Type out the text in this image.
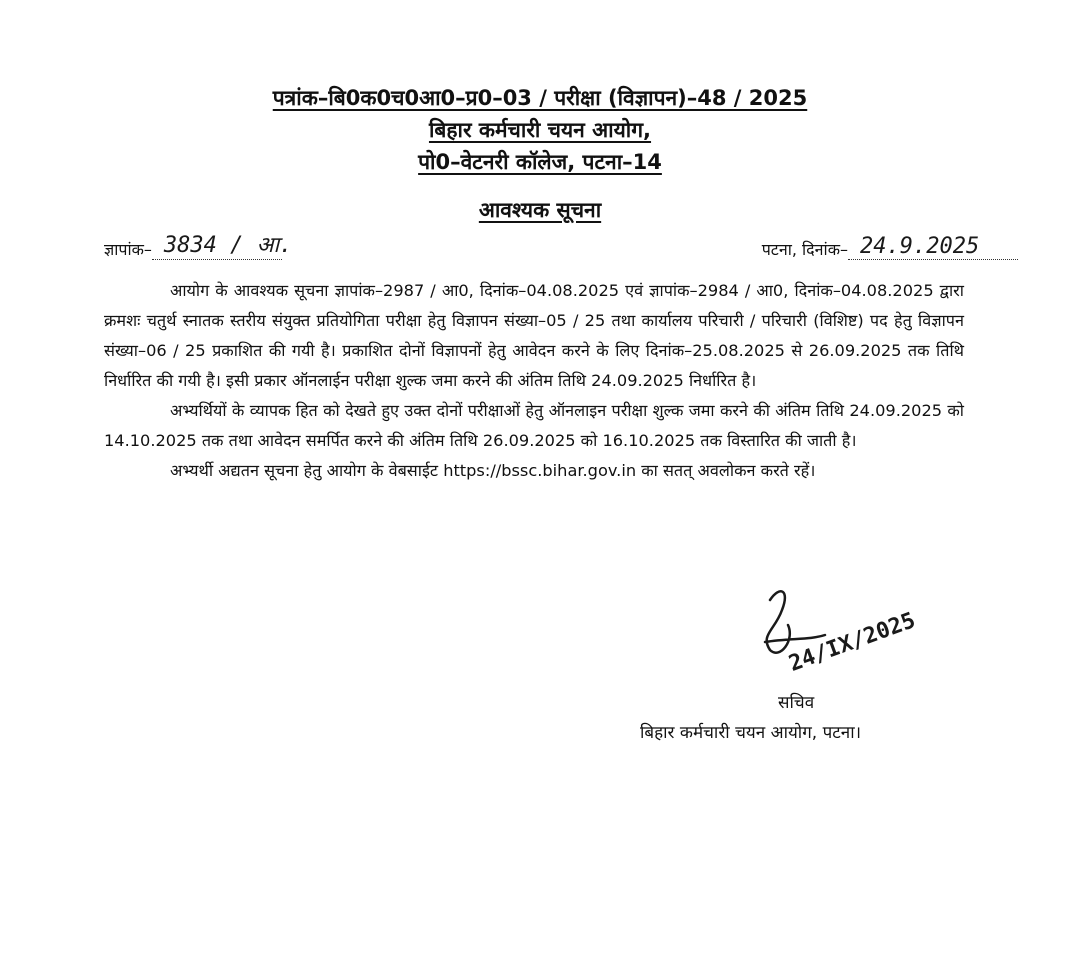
पत्रांक–बि0क0च0आ0–प्र0–03 / परीक्षा (विज्ञापन)–48 / 2025
बिहार कर्मचारी चयन आयोग,
पो0–वेटनरी कॉलेज, पटना–14
आवश्यक सूचना
ज्ञापांक– 3834 / आ.	पटना, दिनांक– 24.9.2025

आयोग के आवश्यक सूचना ज्ञापांक–2987 / आ0, दिनांक–04.08.2025 एवं ज्ञापांक–2984 / आ0, दिनांक–04.08.2025 द्वारा क्रमशः चतुर्थ स्नातक स्तरीय संयुक्त प्रतियोगिता परीक्षा हेतु विज्ञापन संख्या–05 / 25 तथा कार्यालय परिचारी / परिचारी (विशिष्ट) पद हेतु विज्ञापन संख्या–06 / 25 प्रकाशित की गयी है। प्रकाशित दोनों विज्ञापनों हेतु आवेदन करने के लिए दिनांक–25.08.2025 से 26.09.2025 तक तिथि निर्धारित की गयी है। इसी प्रकार ऑनलाईन परीक्षा शुल्क जमा करने की अंतिम तिथि 24.09.2025 निर्धारित है।

अभ्यर्थियों के व्यापक हित को देखते हुए उक्त दोनों परीक्षाओं हेतु ऑनलाइन परीक्षा शुल्क जमा करने की अंतिम तिथि 24.09.2025 को 14.10.2025 तक तथा आवेदन समर्पित करने की अंतिम तिथि 26.09.2025 को 16.10.2025 तक विस्तारित की जाती है।

अभ्यर्थी अद्यतन सूचना हेतु आयोग के वेबसाईट https://bssc.bihar.gov.in का सतत् अवलोकन करते रहें।

24/IX/2025
सचिव
बिहार कर्मचारी चयन आयोग, पटना।
